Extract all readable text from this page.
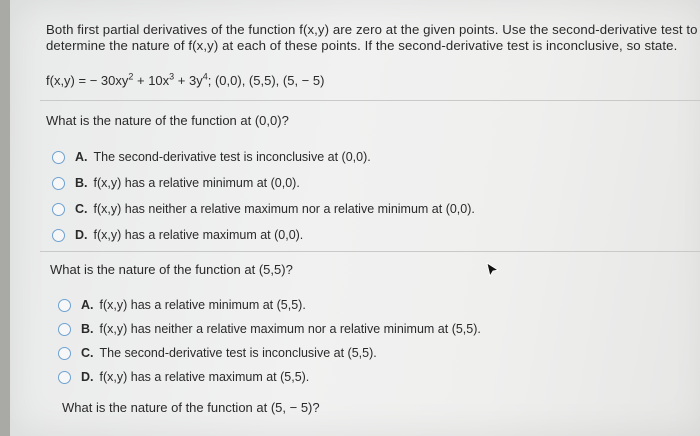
Both first partial derivatives of the function f(x,y) are zero at the given points. Use the second-derivative test to determine the nature of f(x,y) at each of these points. If the second-derivative test is inconclusive, so state.
f(x,y) = − $30xy^2 + 10x^3 + 3y^4$; (0,0), (5,5), (5, − 5)
What is the nature of the function at (0,0)?
A. The second-derivative test is inconclusive at (0,0).
B. f(x,y) has a relative minimum at (0,0).
C. f(x,y) has neither a relative maximum nor a relative minimum at (0,0).
D. f(x,y) has a relative maximum at (0,0).
What is the nature of the function at (5,5)?
A. f(x,y) has a relative minimum at (5,5).
B. f(x,y) has neither a relative maximum nor a relative minimum at (5,5).
C. The second-derivative test is inconclusive at (5,5).
D. f(x,y) has a relative maximum at (5,5).
What is the nature of the function at (5, − 5)?
